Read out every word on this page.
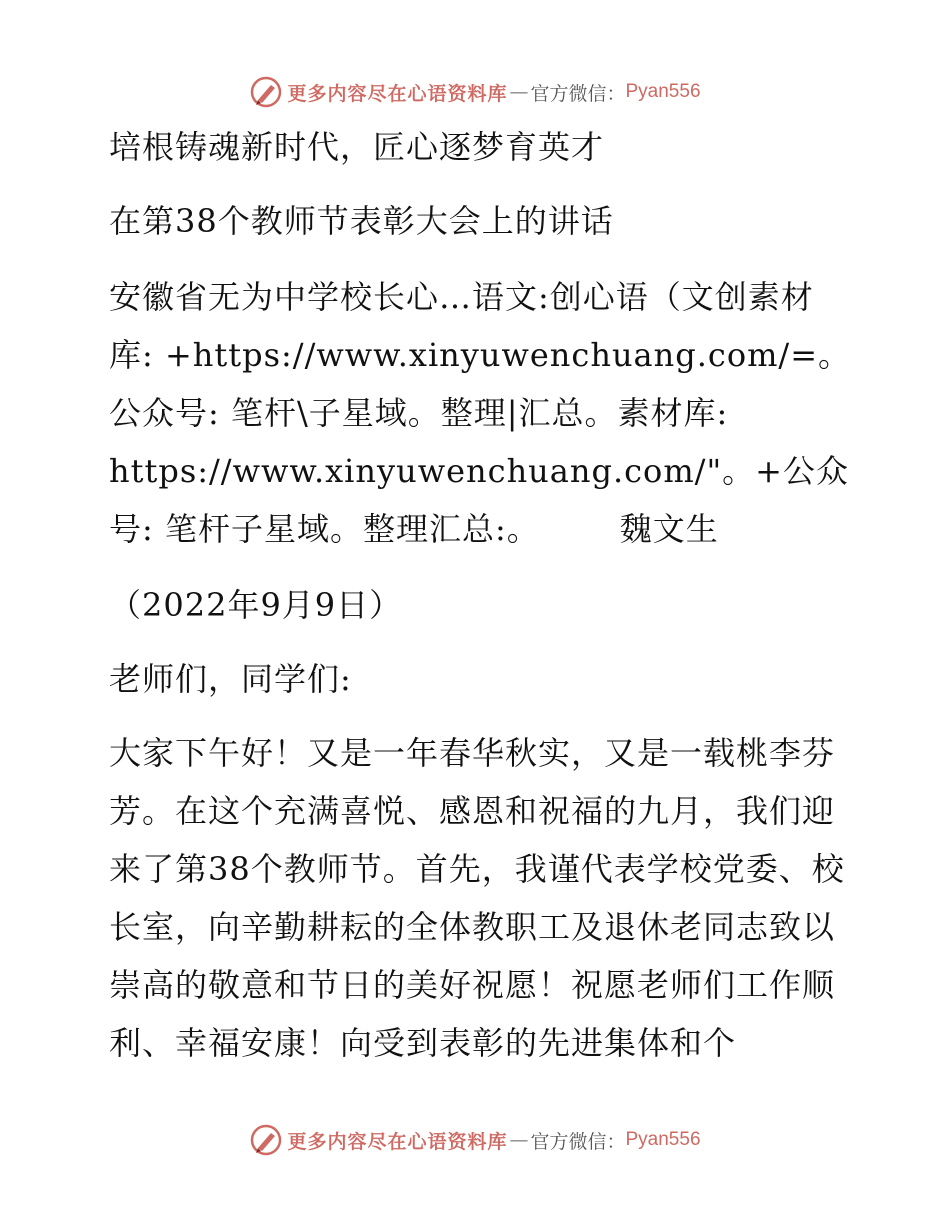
更多内容尽在心语资料库 — 官方微信： Pyan556

培根铸魂新时代，匠心逐梦育英才

在第38个教师节表彰大会上的讲话

安徽省无为中学校长心…语文:创心语（文创素材库: +https://www.xinyuwenchuang.com/=。公众号: 笔杆\子星域。整理|汇总。素材库: https://www.xinyuwenchuang.com/"。+公众号: 笔杆子星域。整理汇总:。	魏文生

（2022年9月9日）

老师们，同学们:

大家下午好！又是一年春华秋实，又是一载桃李芬芳。在这个充满喜悦、感恩和祝福的九月，我们迎来了第38个教师节。首先，我谨代表学校党委、校长室，向辛勤耕耘的全体教职工及退休老同志致以崇高的敬意和节日的美好祝愿！祝愿老师们工作顺利、幸福安康！向受到表彰的先进集体和个

更多内容尽在心语资料库 — 官方微信： Pyan556
